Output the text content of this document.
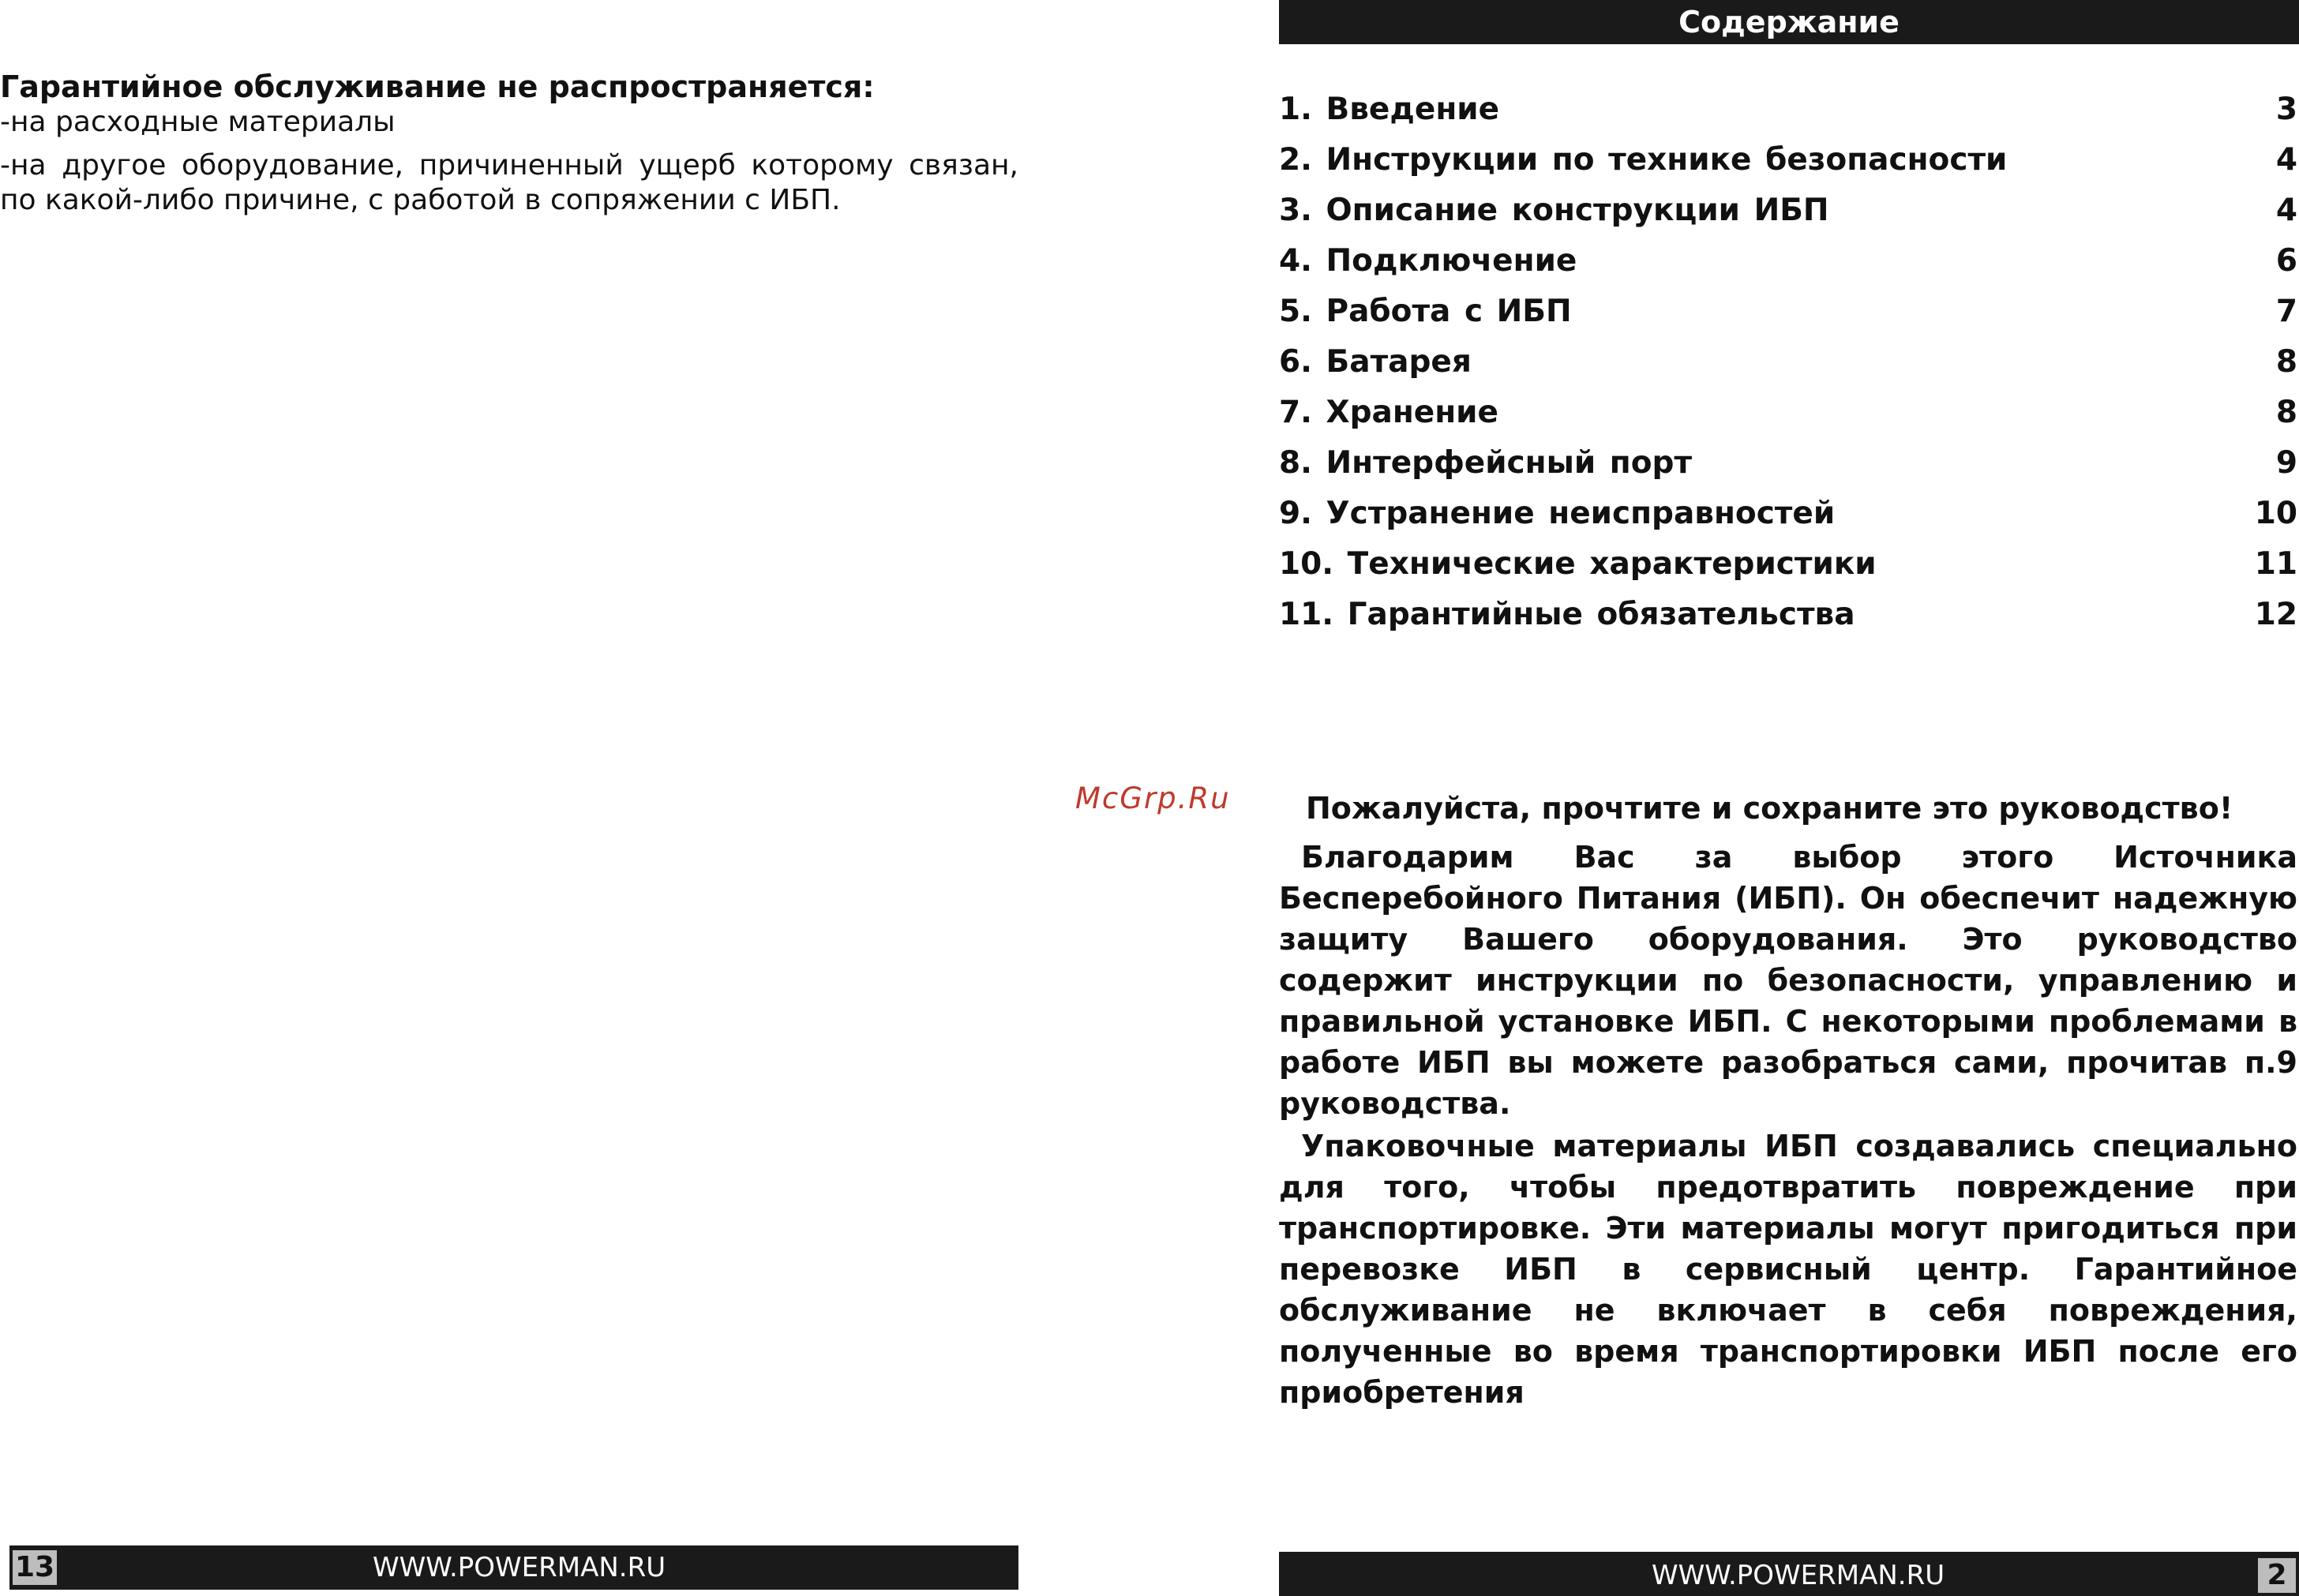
Гарантийное обслуживание не распространяется:
-на расходные материалы
-на другое оборудование, причиненный ущерб которому связан, по какой-либо причине, с работой в сопряжении с ИБП.
13	WWW.POWERMAN.RU
McGrp.Ru
Содержание
1. Введение	3
2. Инструкции по технике безопасности	4
3. Описание конструкции ИБП	4
4. Подключение	6
5. Работа с ИБП	7
6. Батарея	8
7. Хранение	8
8. Интерфейсный порт	9
9. Устранение неисправностей	10
10. Технические характеристики	11
11. Гарантийные обязательства	12
Пожалуйста, прочтите и сохраните это руководство!

Благодарим Вас за выбор этого Источника Бесперебойного Питания (ИБП). Он обеспечит надежную защиту Вашего оборудования. Это руководство содержит инструкции по безопасности, управлению и правильной установке ИБП. С некоторыми проблемами в работе ИБП вы можете разобраться сами, прочитав п.9 руководства.

Упаковочные материалы ИБП создавались специально для того, чтобы предотвратить повреждение при транспортировке. Эти материалы могут пригодиться при перевозке ИБП в сервисный центр. Гарантийное обслуживание не включает в себя повреждения, полученные во время транспортировки ИБП после его приобретения

WWW.POWERMAN.RU	2
